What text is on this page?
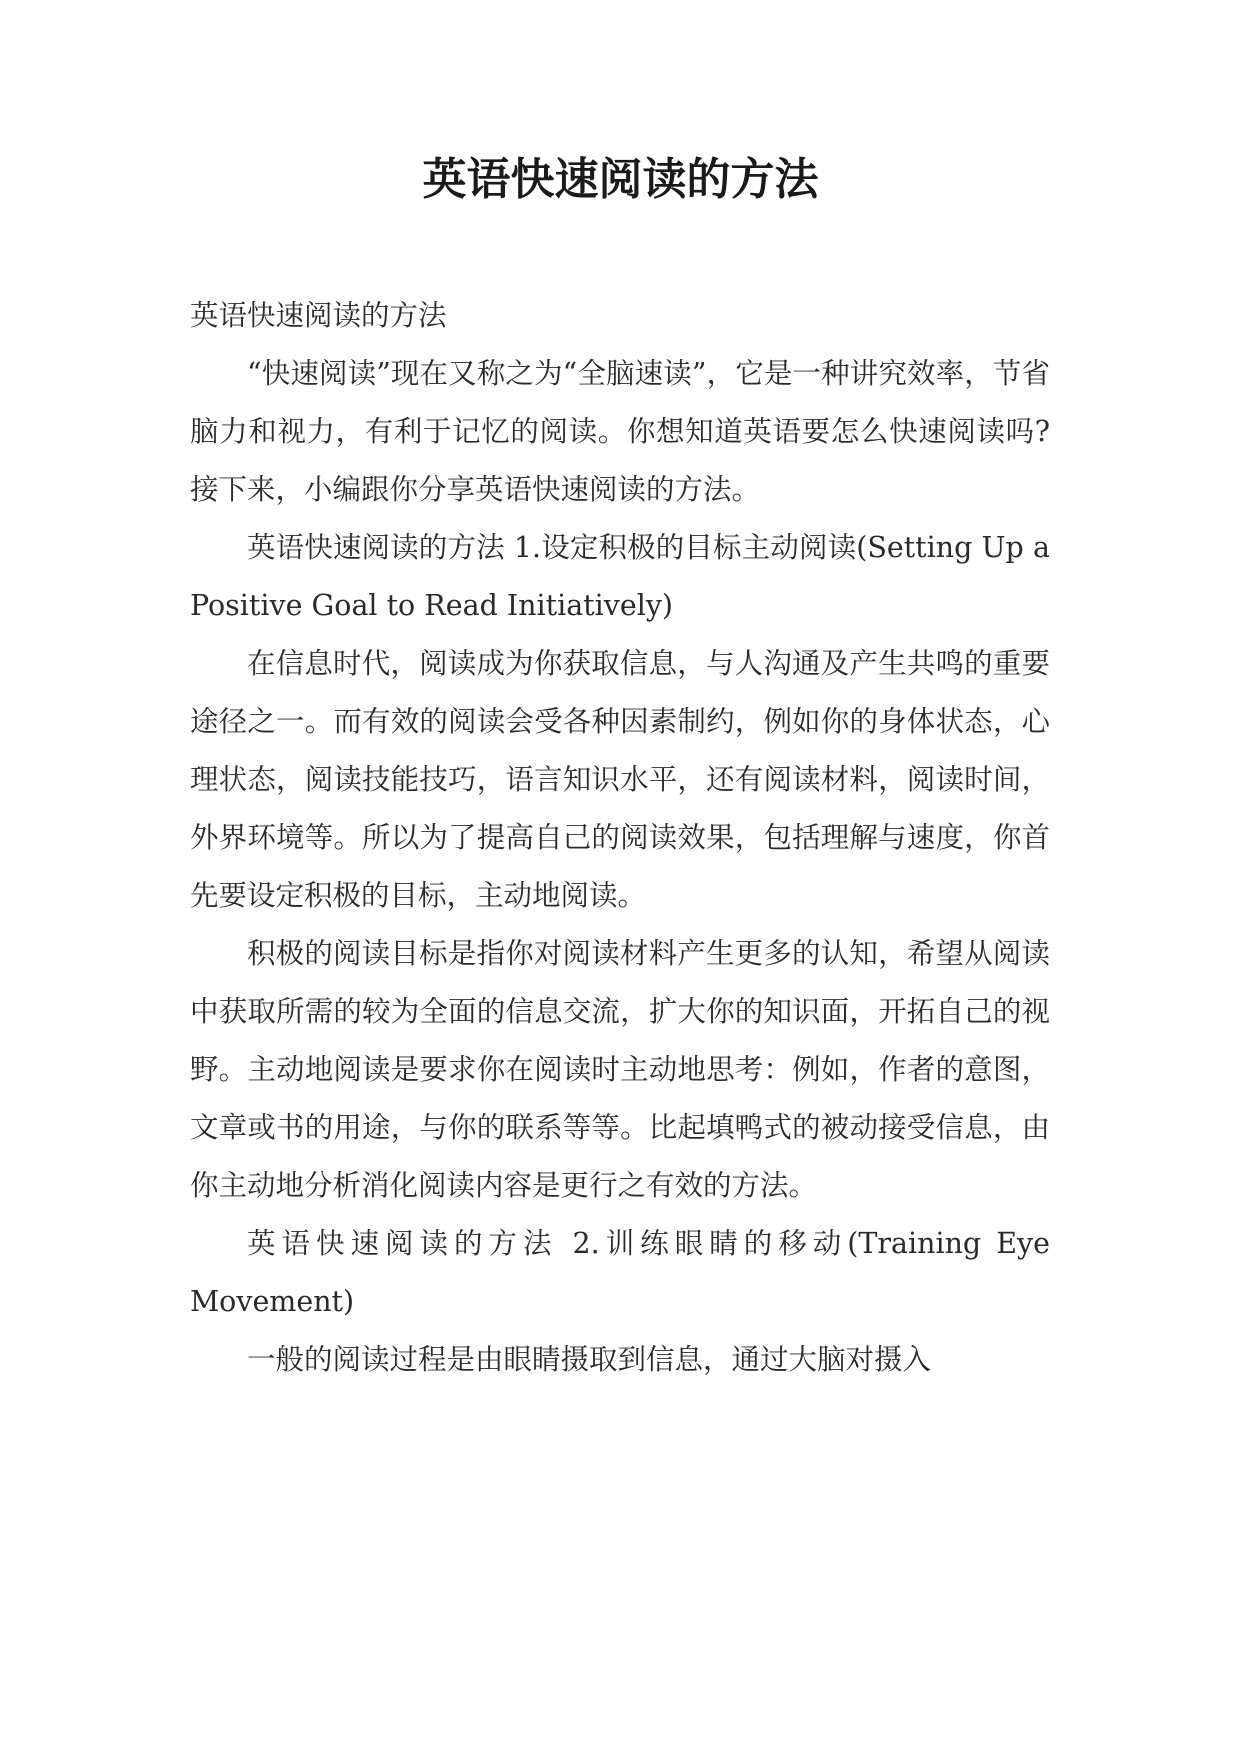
英语快速阅读的方法

英语快速阅读的方法

“快速阅读”现在又称之为“全脑速读”，它是一种讲究效率，节省脑力和视力，有利于记忆的阅读。你想知道英语要怎么快速阅读吗?接下来，小编跟你分享英语快速阅读的方法。

英语快速阅读的方法 1.设定积极的目标主动阅读(Setting Up a Positive Goal to Read Initiatively)

在信息时代，阅读成为你获取信息，与人沟通及产生共鸣的重要途径之一。而有效的阅读会受各种因素制约，例如你的身体状态，心理状态，阅读技能技巧，语言知识水平，还有阅读材料，阅读时间，外界环境等。所以为了提高自己的阅读效果，包括理解与速度，你首先要设定积极的目标，主动地阅读。

积极的阅读目标是指你对阅读材料产生更多的认知，希望从阅读中获取所需的较为全面的信息交流，扩大你的知识面，开拓自己的视野。主动地阅读是要求你在阅读时主动地思考：例如，作者的意图，文章或书的用途，与你的联系等等。比起填鸭式的被动接受信息，由你主动地分析消化阅读内容是更行之有效的方法。

英语快速阅读的方法 2.训练眼睛的移动(Training Eye Movement)

一般的阅读过程是由眼睛摄取到信息，通过大脑对摄入
